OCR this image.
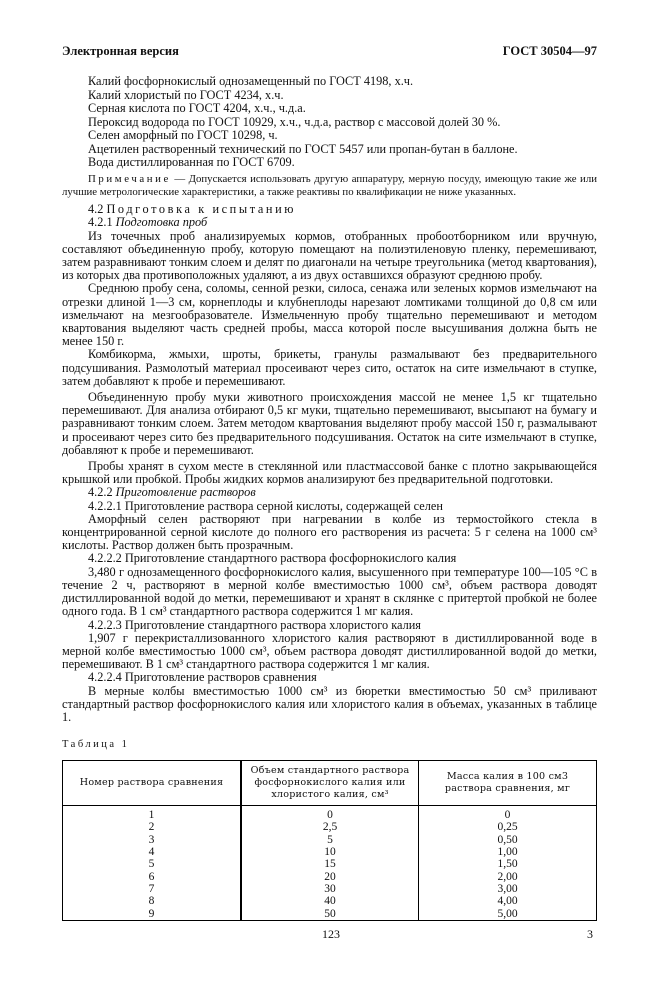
Электронная версия	ГОСТ 30504—97

Калий фосфорнокислый однозамещенный по ГОСТ 4198, х.ч.

Калий хлористый по ГОСТ 4234, х.ч.

Серная кислота по ГОСТ 4204, х.ч., ч.д.а.

Пероксид водорода по ГОСТ 10929, х.ч., ч.д.а, раствор с массовой долей 30 %.

Селен аморфный по ГОСТ 10298, ч.

Ацетилен растворенный технический по ГОСТ 5457 или пропан-бутан в баллоне.

Вода дистиллированная по ГОСТ 6709.

Примечание — Допускается использовать другую аппаратуру, мерную посуду, имеющую такие же или лучшие метрологические характеристики, а также реактивы по квалификации не ниже указанных.

4.2 Подготовка к испытанию

4.2.1 Подготовка проб

Из точечных проб анализируемых кормов, отобранных пробоотборником или вручную, составляют объединенную пробу, которую помещают на полиэтиленовую пленку, перемешивают, затем разравнивают тонким слоем и делят по диагонали на четыре треугольника (метод квартования), из которых два противоположных удаляют, а из двух оставшихся образуют среднюю пробу.

Среднюю пробу сена, соломы, сенной резки, силоса, сенажа или зеленых кормов измельчают на отрезки длиной 1—3 см, корнеплоды и клубнеплоды нарезают ломтиками толщиной до 0,8 см или измельчают на мезгообразователе. Измельченную пробу тщательно перемешивают и методом квартования выделяют часть средней пробы, масса которой после высушивания должна быть не менее 150 г.

Комбикорма, жмыхи, шроты, брикеты, гранулы размалывают без предварительного подсушивания. Размолотый материал просеивают через сито, остаток на сите измельчают в ступке, затем добавляют к пробе и перемешивают.

Объединенную пробу муки животного происхождения массой не менее 1,5 кг тщательно перемешивают. Для анализа отбирают 0,5 кг муки, тщательно перемешивают, высыпают на бумагу и разравнивают тонким слоем. Затем методом квартования выделяют пробу массой 150 г, размалывают и просеивают через сито без предварительного подсушивания. Остаток на сите измельчают в ступке, добавляют к пробе и перемешивают.

Пробы хранят в сухом месте в стеклянной или пластмассовой банке с плотно закрывающейся крышкой или пробкой. Пробы жидких кормов анализируют без предварительной подготовки.

4.2.2 Приготовление растворов

4.2.2.1 Приготовление раствора серной кислоты, содержащей селен

Аморфный селен растворяют при нагревании в колбе из термостойкого стекла в концентрированной серной кислоте до полного его растворения из расчета: 5 г селена на 1000 см³ кислоты. Раствор должен быть прозрачным.

4.2.2.2 Приготовление стандартного раствора фосфорнокислого калия

3,480 г однозамещенного фосфорнокислого калия, высушенного при температуре 100—105 °С в течение 2 ч, растворяют в мерной колбе вместимостью 1000 см³, объем раствора доводят дистиллированной водой до метки, перемешивают и хранят в склянке с притертой пробкой не более одного года. В 1 см³ стандартного раствора содержится 1 мг калия.

4.2.2.3 Приготовление стандартного раствора хлористого калия

1,907 г перекристаллизованного хлористого калия растворяют в дистиллированной воде в мерной колбе вместимостью 1000 см³, объем раствора доводят дистиллированной водой до метки, перемешивают. В 1 см³ стандартного раствора содержится 1 мг калия.

4.2.2.4 Приготовление растворов сравнения

В мерные колбы вместимостью 1000 см³ из бюретки вместимостью 50 см³ приливают стандартный раствор фосфорнокислого калия или хлористого калия в объемах, указанных в таблице 1.

Таблица 1
Номер раствора сравнения	Объем стандартного раствора фосфорнокислого калия или хлористого калия, см³	Масса калия в 100 см3 раствора сравнения, мг
1	0	0
2	2,5	0,25
3	5	0,50
4	10	1,00
5	15	1,50
6	20	2,00
7	30	3,00
8	40	4,00
9	50	5,00
123	3
